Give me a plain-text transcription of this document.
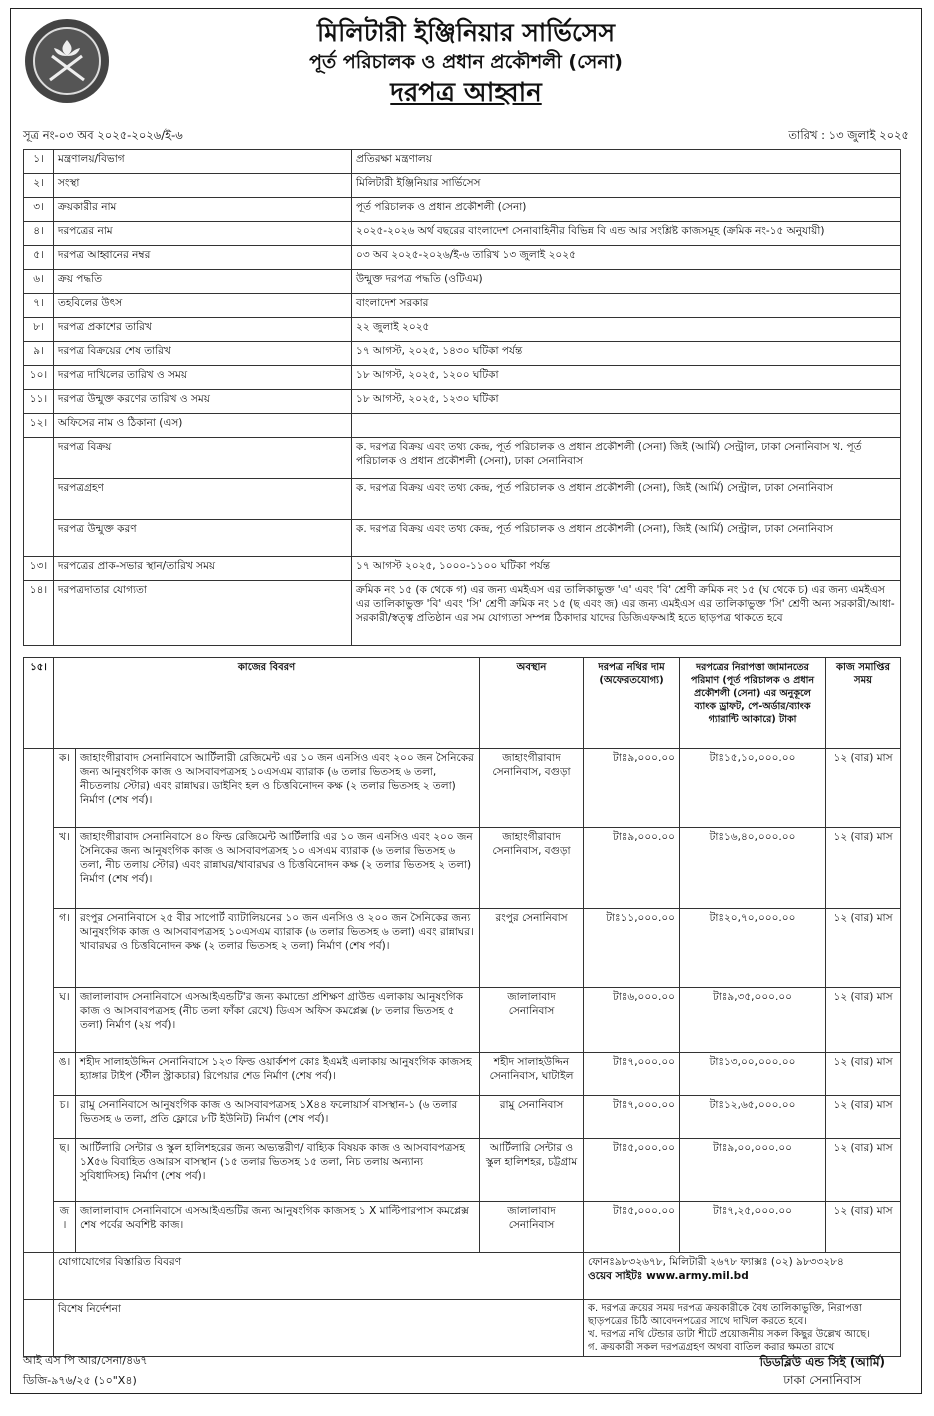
মিলিটারী ইঞ্জিনিয়ার সার্ভিসেস
পূর্ত পরিচালক ও প্রধান প্রকৌশলী (সেনা)
দরপত্র আহ্বান
সূত্র নং-০৩ অব ২০২৫-২০২৬/ই-৬	তারিখ : ১৩ জুলাই ২০২৫
১।	মন্ত্রণালয়/বিভাগ	প্রতিরক্ষা মন্ত্রণালয়
২।	সংস্থা	মিলিটারী ইঞ্জিনিয়ার সার্ভিসেস
৩।	ক্রয়কারীর নাম	পূর্ত পরিচালক ও প্রধান প্রকৌশলী (সেনা)
৪।	দরপত্রের নাম	২০২৫-২০২৬ অর্থ বছরের বাংলাদেশ সেনাবাহিনীর বিভিন্ন বি এন্ড আর সংশ্লিষ্ট কাজসমূহ (ক্রমিক নং-১৫ অনুযায়ী)
৫।	দরপত্র আহ্বানের নম্বর	০৩ অব ২০২৫-২০২৬/ই-৬ তারিখ ১৩ জুলাই ২০২৫
৬।	ক্রয় পদ্ধতি	উন্মুক্ত দরপত্র পদ্ধতি (ওটিএম)
৭।	তহবিলের উৎস	বাংলাদেশ সরকার
৮।	দরপত্র প্রকাশের তারিখ	২২ জুলাই ২০২৫
৯।	দরপত্র বিক্রয়ের শেষ তারিখ	১৭ আগস্ট, ২০২৫, ১৪৩০ ঘটিকা পর্যন্ত
১০।	দরপত্র দাখিলের তারিখ ও সময়	১৮ আগস্ট, ২০২৫, ১২০০ ঘটিকা
১১।	দরপত্র উন্মুক্ত করণের তারিখ ও সময়	১৮ আগস্ট, ২০২৫, ১২৩০ ঘটিকা
১২।	অফিসের নাম ও ঠিকানা (এস)	
	দরপত্র বিক্রয়	ক. দরপত্র বিক্রয় এবং তথ্য কেন্দ্র, পূর্ত পরিচালক ও প্রধান প্রকৌশলী (সেনা) জিই (আর্মি) সেন্ট্রাল, ঢাকা সেনানিবাস খ. পূর্ত পরিচালক ও প্রধান প্রকৌশলী (সেনা), ঢাকা সেনানিবাস
	দরপত্রগ্রহণ	ক. দরপত্র বিক্রয় এবং তথ্য কেন্দ্র, পূর্ত পরিচালক ও প্রধান প্রকৌশলী (সেনা), জিই (আর্মি) সেন্ট্রাল, ঢাকা সেনানিবাস
	দরপত্র উন্মুক্ত করণ	ক. দরপত্র বিক্রয় এবং তথ্য কেন্দ্র, পূর্ত পরিচালক ও প্রধান প্রকৌশলী (সেনা), জিই (আর্মি) সেন্ট্রাল, ঢাকা সেনানিবাস
১৩।	দরপত্রের প্রাক-সভার স্থান/তারিখ সময়	১৭ আগস্ট ২০২৫, ১০০০-১১০০ ঘটিকা পর্যন্ত
১৪।	দরপত্রদাতার যোগ্যতা	ক্রমিক নং ১৫ (ক থেকে গ) এর জন্য এমইএস এর তালিকাভুক্ত 'এ' এবং 'বি' শ্রেণী ক্রমিক নং ১৫ (ঘ থেকে চ) এর জন্য এমইএস এর তালিকাভুক্ত 'বি' এবং 'সি' শ্রেণী ক্রমিক নং ১৫ (ছ এবং জ) এর জন্য এমইএস এর তালিকাভুক্ত 'সি' শ্রেণী অন্য সরকারী/আধা-সরকারী/স্বত্ত্ব প্রতিষ্ঠান এর সম যোগ্যতা সম্পন্ন ঠিকাদার যাদের ডিজিএফআই হতে ছাড়পত্র থাকতে হবে
১৫।	কাজের বিবরণ		অবস্থান	দরপত্র নথির দাম (অফেরতযোগ্য)	দরপত্রের নিরাপত্তা জামানতের পরিমাণ (পূর্ত পরিচালক ও প্রধান প্রকৌশলী (সেনা) এর অনুকূলে ব্যাংক ড্রাফট, পে-অর্ডার/ব্যাংক গ্যারান্টি আকারে) টাকা	কাজ সমাপ্তির সময়
	ক।	জাহাংগীরাবাদ সেনানিবাসে আর্টিলারী রেজিমেন্ট এর ১০ জন এনসিও এবং ২০০ জন সৈনিকের জন্য আনুষংগিক কাজ ও আসবাবপত্রসহ ১০এসএম ব্যারাক (৬ তলার ভিতসহ ৬ তলা, নীচতলায় স্টোর) এবং রান্নাঘর। ডাইনিং হল ও চিত্তবিনোদন কক্ষ (২ তলার ভিতসহ ২ তলা) নির্মাণ (শেষ পর্ব)।	জাহাংগীরাবাদ সেনানিবাস, বগুড়া	টাঃ৯,০০০.০০	টাঃ১৫,১০,০০০.০০	১২ (বার) মাস
	খ।	জাহাংগীরাবাদ সেনানিবাসে ৪০ ফিল্ড রেজিমেন্ট আর্টিলারি এর ১০ জন এনসিও এবং ২০০ জন সৈনিকের জন্য আনুষংগিক কাজ ও আসবাবপত্রসহ ১০ এসএম ব্যারাক (৬ তলার ভিতসহ ৬ তলা, নীচ তলায় স্টোর) এবং রান্নাঘর/খাবারঘর ও চিত্তবিনোদন কক্ষ (২ তলার ভিতসহ ২ তলা) নির্মাণ (শেষ পর্ব)।	জাহাংগীরাবাদ সেনানিবাস, বগুড়া	টাঃ৯,০০০.০০	টাঃ১৬,৪০,০০০.০০	১২ (বার) মাস
	গ।	রংপুর সেনানিবাসে ২৫ বীর সাপোর্ট ব্যাটালিয়নের ১০ জন এনসিও ও ২০০ জন সৈনিকের জন্য আনুষংগিক কাজ ও আসবাবপত্রসহ ১০এসএম ব্যারাক (৬ তলার ভিতসহ ৬ তলা) এবং রান্নাঘর। খাবারঘর ও চিত্তবিনোদন কক্ষ (২ তলার ভিতসহ ২ তলা) নির্মাণ (শেষ পর্ব)।	রংপুর সেনানিবাস	টাঃ১১,০০০.০০	টাঃ২০,৭০,০০০.০০	১২ (বার) মাস
	ঘ।	জালালাবাদ সেনানিবাসে এসআইএন্ডটি'র জন্য কমান্ডো প্রশিক্ষণ গ্রাউন্ড এলাকায় আনুষংগিক কাজ ও আসবাবপত্রসহ (নীচ তলা ফাঁকা রেখে) ডিএস অফিস কমপ্লেক্স (৮ তলার ভিতসহ ৫ তলা) নির্মাণ (২য় পর্ব)।	জালালাবাদ সেনানিবাস	টাঃ৬,০০০.০০	টাঃ৯,৩৫,০০০.০০	১২ (বার) মাস
	ঙ।	শহীদ সালাহউদ্দিন সেনানিবাসে ১২৩ ফিল্ড ওয়ার্কশপ কোঃ ইএমই এলাকায় আনুষংগিক কাজসহ হ্যাঙ্গার টাইপ (স্টীল স্ট্রাকচার) রিপেয়ার শেড নির্মাণ (শেষ পর্ব)।	শহীদ সালাহউদ্দিন সেনানিবাস, ঘাটাইল	টাঃ৭,০০০.০০	টাঃ১৩,০০,০০০.০০	১২ (বার) মাস
	চ।	রামু সেনানিবাসে আনুষংগিক কাজ ও আসবাবপত্রসহ ১X৪৪ ফলোয়ার্স বাসস্থান-১ (৬ তলার ভিতসহ ৬ তলা, প্রতি ফ্লোরে ৮টি ইউনিট) নির্মাণ (শেষ পর্ব)।	রামু সেনানিবাস	টাঃ৭,০০০.০০	টাঃ১২,৬৫,০০০.০০	১২ (বার) মাস
	ছ।	আর্টিলারি সেন্টার ও স্কুল হালিশহরের জন্য অভ্যন্তরীণ/ বাহ্যিক বিষয়ক কাজ ও আসবাবপত্রসহ ১X৫৬ বিবাহিত ওআরস বাসস্থান (১৫ তলার ভিতসহ ১৫ তলা, নিচ তলায় অন্যান্য সুবিধাদিসহ) নির্মাণ (শেষ পর্ব)।	আর্টিলারি সেন্টার ও স্কুল হালিশহর, চট্টগ্রাম	টাঃ৫,০০০.০০	টাঃ৯,০০,০০০.০০	১২ (বার) মাস
	জ।	জালালাবাদ সেনানিবাসে এসআইএন্ডটির জন্য আনুষংগিক কাজসহ ১ X মাল্টিপারপাস কমপ্লেক্স শেষ পর্বের অবশিষ্ট কাজ।	জালালাবাদ সেনানিবাস	টাঃ৫,০০০.০০	টাঃ৭,২৫,০০০.০০	১২ (বার) মাস
	যোগাযোগের বিস্তারিত বিবরণ			ফোনঃ৯৮৩২৬৭৮, মিলিটারী ২৬৭৮ ফ্যাক্সঃ (০২) ৯৮৩৩২৮৪
ওয়েব সাইটঃ www.army.mil.bd		

	বিশেষ নির্দেশনা			ক. দরপত্র ক্রয়ের সময় দরপত্র ক্রয়কারীকে বৈধ তালিকাভুক্তি, নিরাপত্তা ছাড়পত্রের চিঠি আবেদনপত্রের সাথে দাখিল করতে হবে।
খ. দরপত্র নথি টেন্ডার ডাটা শীটে প্রয়োজনীয় সকল কিছুর উল্লেখ আছে।
গ. ক্রয়কারী সকল দরপত্রগ্রহণ অথবা বাতিল করার ক্ষমতা রাখে		
আই এস পি আর/সেনা/৪৬৭
ডিজি-৯৭৬/২৫ (১০"X৪)
ডিডব্লিউ এন্ড সিই (আর্মি)
ঢাকা সেনানিবাস
